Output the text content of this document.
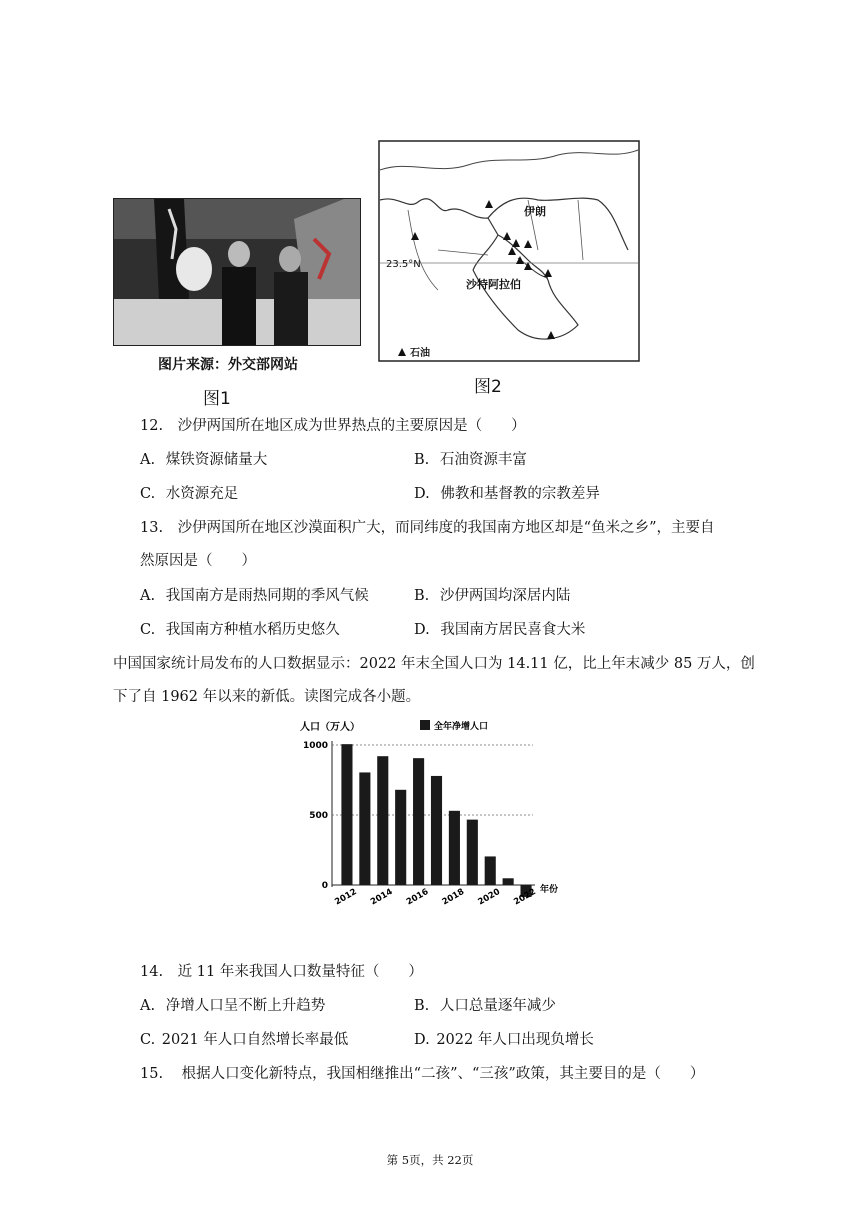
图片来源：外交部网站
图1
伊朗
23.5°N
沙特阿拉伯
石油
图2
12. 沙伊两国所在地区成为世界热点的主要原因是（　　）
A. 煤铁资源储量大	B. 石油资源丰富
C. 水资源充足	D. 佛教和基督教的宗教差异
13. 沙伊两国所在地区沙漠面积广大，而同纬度的我国南方地区却是“鱼米之乡”，主要自
然原因是（　　）
A. 我国南方是雨热同期的季风气候	B. 沙伊两国均深居内陆
C. 我国南方种植水稻历史悠久	D. 我国南方居民喜食大米
中国国家统计局发布的人口数据显示：2022 年末全国人口为 14.11 亿，比上年末减少 85 万人，创
下了自 1962 年以来的新低。读图完成各小题。
人口（万人）	全年净增人口
年份
0
500
1000
2012 2014 2016 2018 2020 2022
14. 近 11 年来我国人口数量特征（　　）
A. 净增人口呈不断上升趋势	B. 人口总量逐年减少
C. 2021 年人口自然增长率最低	D. 2022 年人口出现负增长
15. 根据人口变化新特点，我国相继推出“二孩”、“三孩”政策，其主要目的是（　　）
第 5页，共 22页
